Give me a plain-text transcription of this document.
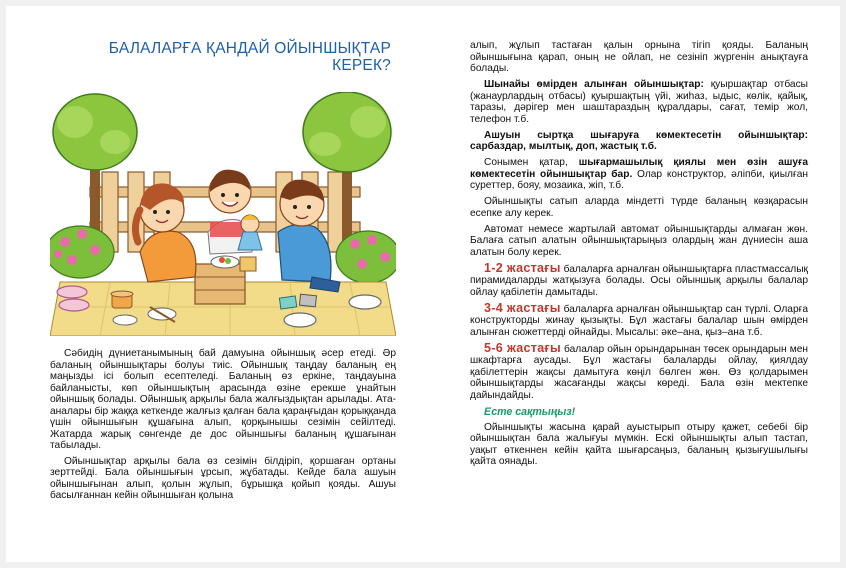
БАЛАЛАРҒА ҚАНДАЙ ОЙЫНШЫҚТАР
КЕРЕК?

Сәбидің дүниетанымының бай дамуына ойыншық әсер етеді. Әр баланың ойыншықтары болуы тиіс. Ойыншық таңдау баланың ең маңызды ісі болып есептеледі. Баланың өз еркіне, таңдауына байланысты, көп ойыншықтың арасында өзіне ерекше ұнайтын ойыншық болады. Ойыншық арқылы бала жалғыздықтан арылады. Ата-аналары бір жаққа кеткенде жалғыз қалған бала қараңғыдан қорыққанда үшін ойыншығын құшағына алып, қорқынышы сезімін сейілтеді. Жатарда жарық сөнгенде де дос ойыншығы баланың құшағынан табылады.

Ойыншықтар арқылы бала өз сезімін білдіріп, қоршаған ортаны зерттейді. Бала ойыншығын ұрсып, жұбатады. Кейде бала ашуын ойыншығынан алып, қолын жұлып, бұрышқа қойып қояды. Ашуы басылғаннан кейін ойыншыған қолына

алып, жұлып тастаған қалын орнына тігіп қояды. Баланың ойыншығына қарап, оның не ойлап, не сезініп жүргенін анықтауға болады.

Шынайы өмірден алынған ойыншықтар: қуыршақтар отбасы (жанаурлардың отбасы) қуыршақтың үйі, жиһаз, ыдыс, көлік, қайық, таразы, дәрігер мен шаштараздың құралдары, сағат, темір жол, телефон т.б.

Ашуын сыртқа шығаруға көмектесетін ойыншықтар: сарбаздар, мылтық, доп, жастық т.б.

Сонымен қатар, шығармашылық қиялы мен өзін ашуға көмектесетін ойыншықтар бар. Олар конструктор, әліпби, қиылған суреттер, бояу, мозаика, жіп, т.б.

Ойыншықты сатып аларда міндетті түрде баланың көзқарасын есепке алу керек.

Автомат немесе жартылай автомат ойыншықтарды алмаған жөн. Балаға сатып алатын ойыншықтарыңыз олардың жан дүниесін аша алатын болу керек.

1-2 жастағы балаларға арналған ойыншықтарға пластмассалық пирамидаларды жатқызуға болады. Осы ойыншық арқылы балалар ойлау қабілетін дамытады.

3-4 жастағы балаларға арналған ойыншықтар сан түрлі. Оларға конструкторды жинау қызықты. Бұл жастағы балалар шын өмірден алынған сюжеттерді ойнайды. Мысалы: әке–ана, қыз–ана т.б.

5-6 жастағы балалар ойын орындарынан төсек орындарын мен шкафтарға аусады. Бұл жастағы балаларды ойлау, қиялдау қабілеттерін жақсы дамытуға көңіл бөлген жөн. Өз қолдарымен ойыншықтарды жасағанды жақсы көреді. Бала өзін мектепке дайындайды.

Есте сақтыңыз!

Ойыншықты жасына қарай ауыстырып отыру қажет, себебі бір ойыншықтан бала жалығуы мүмкін. Ескі ойыншықты алып тастап, уақыт өткеннен кейін қайта шығарсаңыз, баланың қызығушылығы қайта оянады.
